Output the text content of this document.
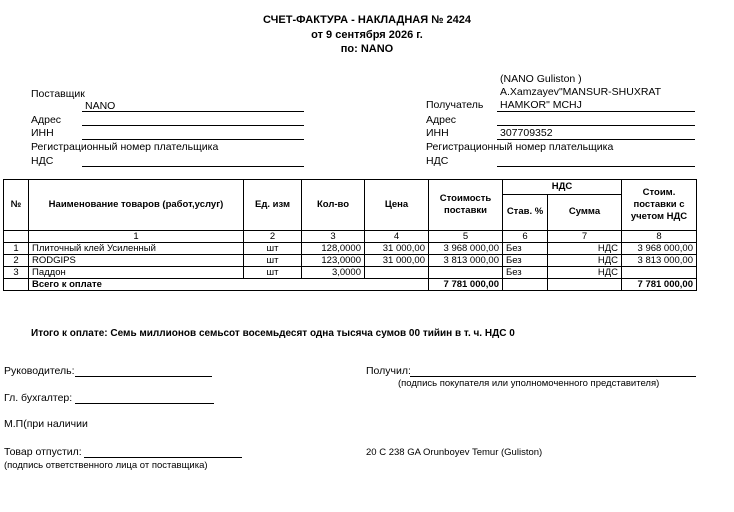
СЧЕТ-ФАКТУРА - НАКЛАДНАЯ № 2424
от 9 сентября 2026 г.
по: NANO
Поставщик
NANO
Адрес
ИНН
Регистрационный номер плательщика
НДС
(NANO Guliston )
A.Xamzayev"MANSUR-SHUXRAT
Получатель HAMKOR" MCHJ
Адрес
ИНН	307709352
Регистрационный номер плательщика
НДС
№	Наименование товаров (работ,услуг)	Ед. изм	Кол-во	Цена	Стоимость поставки	НДС		Стоим. поставки с учетом НДС
						Став. %	Сумма	
	1	2	3	4	5	6	7	8
1	Плиточный клей Усиленный	шт	128,0000	31 000,00	3 968 000,00	Без	НДС	3 968 000,00
2	RODGIPS	шт	123,0000	31 000,00	3 813 000,00	Без	НДС	3 813 000,00
3	Паддон	шт	3,0000			Без	НДС	
	Всего к оплате				7 781 000,00			7 781 000,00
Итого к оплате: Семь миллионов семьсот восемьдесят одна тысяча сумов 00 тийин в т. ч. НДС 0
Руководитель:	Получил:
(подпись покупателя или уполномоченного представителя)
Гл. бухгалтер:
М.П(при наличии
Товар отпустил:
(подпись ответственного лица от поставщика)
20 C 238 GA Orunboyev Temur (Guliston)
